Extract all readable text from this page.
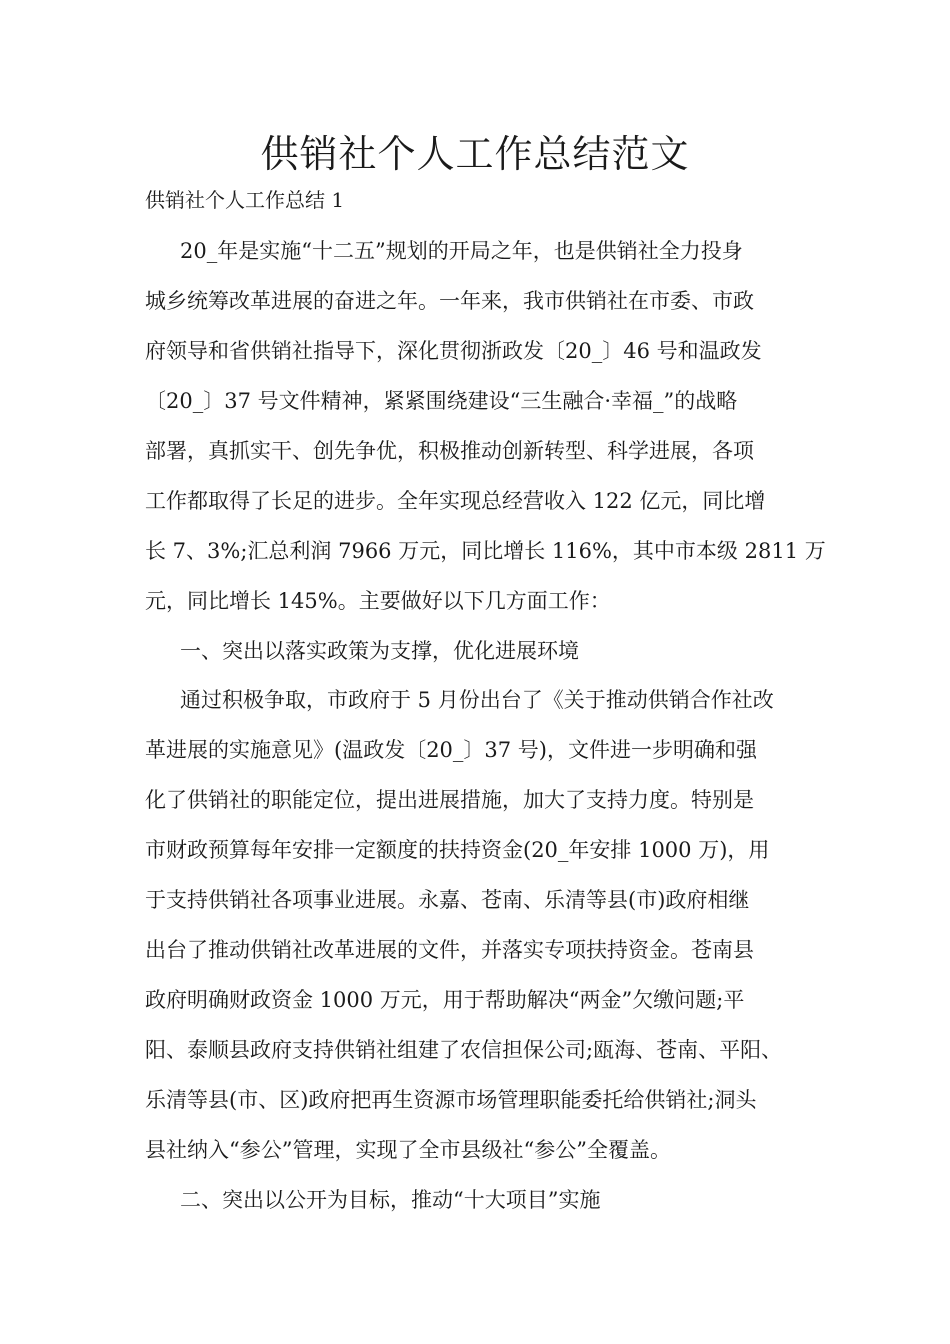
供销社个人工作总结范文

供销社个人工作总结 1

20_年是实施“十二五”规划的开局之年，也是供销社全力投身

城乡统筹改革进展的奋进之年。一年来，我市供销社在市委、市政

府领导和省供销社指导下，深化贯彻浙政发〔20_〕46 号和温政发

〔20_〕37 号文件精神，紧紧围绕建设“三生融合·幸福_”的战略

部署，真抓实干、创先争优，积极推动创新转型、科学进展，各项

工作都取得了长足的进步。全年实现总经营收入 122 亿元，同比增

长 7、3%;汇总利润 7966 万元，同比增长 116%，其中市本级 2811 万

元，同比增长 145%。主要做好以下几方面工作：

一、突出以落实政策为支撑，优化进展环境

通过积极争取，市政府于 5 月份出台了《关于推动供销合作社改

革进展的实施意见》(温政发〔20_〕37 号)，文件进一步明确和强

化了供销社的职能定位，提出进展措施，加大了支持力度。特别是

市财政预算每年安排一定额度的扶持资金(20_年安排 1000 万)，用

于支持供销社各项事业进展。永嘉、苍南、乐清等县(市)政府相继

出台了推动供销社改革进展的文件，并落实专项扶持资金。苍南县

政府明确财政资金 1000 万元，用于帮助解决“两金”欠缴问题;平

阳、泰顺县政府支持供销社组建了农信担保公司;瓯海、苍南、平阳、

乐清等县(市、区)政府把再生资源市场管理职能委托给供销社;洞头

县社纳入“参公”管理，实现了全市县级社“参公”全覆盖。

二、突出以公开为目标，推动“十大项目”实施
